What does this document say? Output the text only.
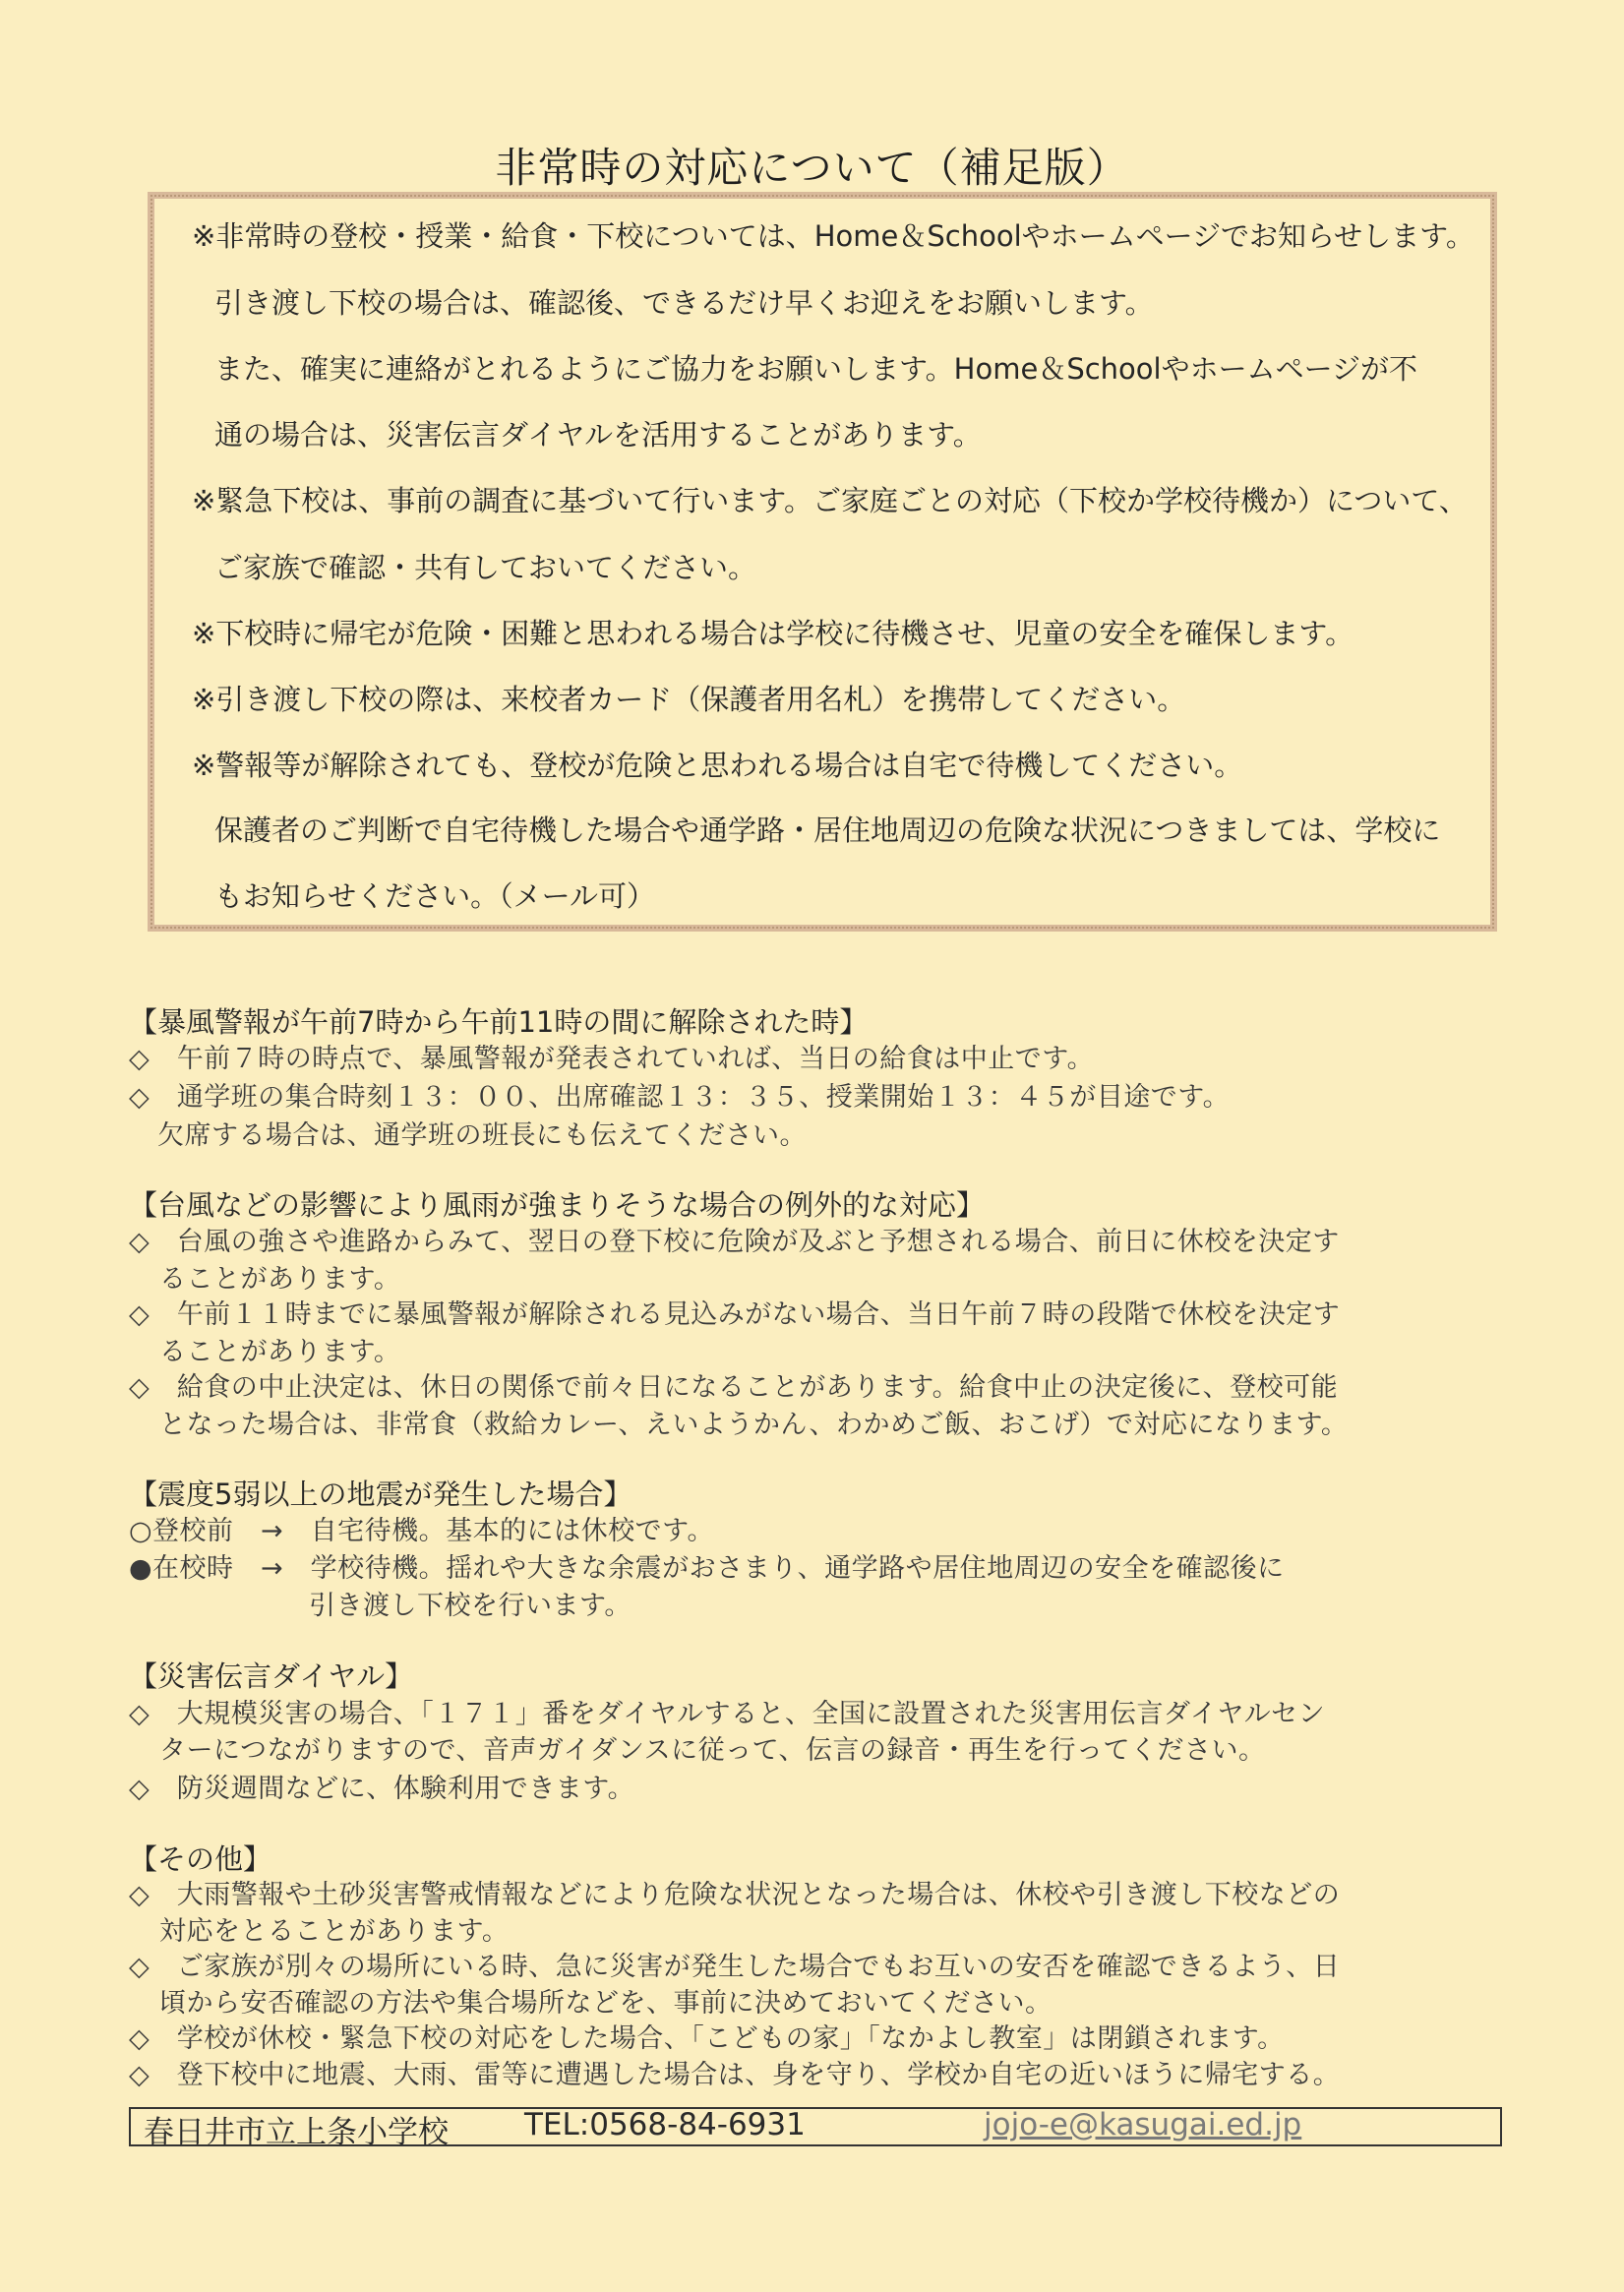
非常時の対応について（補足版）
※非常時の登校・授業・給食・下校については、Home＆Schoolやホームページでお知らせします。
引き渡し下校の場合は、確認後、できるだけ早くお迎えをお願いします。
また、確実に連絡がとれるようにご協力をお願いします。Home＆Schoolやホームページが不
通の場合は、災害伝言ダイヤルを活用することがあります。
※緊急下校は、事前の調査に基づいて行います。ご家庭ごとの対応（下校か学校待機か）について、
ご家族で確認・共有しておいてください。
※下校時に帰宅が危険・困難と思われる場合は学校に待機させ、児童の安全を確保します。
※引き渡し下校の際は、来校者カード（保護者用名札）を携帯してください。
※警報等が解除されても、登校が危険と思われる場合は自宅で待機してください。
保護者のご判断で自宅待機した場合や通学路・居住地周辺の危険な状況につきましては、学校に
もお知らせください。（メール可）
【暴風警報が午前7時から午前11時の間に解除された時】
◇　午前７時の時点で、暴風警報が発表されていれば、当日の給食は中止です。
◇　通学班の集合時刻１３：００、出席確認１３：３５、授業開始１３：４５が目途です。
欠席する場合は、通学班の班長にも伝えてください。
【台風などの影響により風雨が強まりそうな場合の例外的な対応】
◇　台風の強さや進路からみて、翌日の登下校に危険が及ぶと予想される場合、前日に休校を決定す
ることがあります。
◇　午前１１時までに暴風警報が解除される見込みがない場合、当日午前７時の段階で休校を決定す
ることがあります。
◇　給食の中止決定は、休日の関係で前々日になることがあります。給食中止の決定後に、登校可能
となった場合は、非常食（救給カレー、えいようかん、わかめご飯、おこげ）で対応になります。
【震度5弱以上の地震が発生した場合】
○登校前　→　自宅待機。基本的には休校です。
●在校時　→　学校待機。揺れや大きな余震がおさまり、通学路や居住地周辺の安全を確認後に
引き渡し下校を行います。
【災害伝言ダイヤル】
◇　大規模災害の場合、「１７１」番をダイヤルすると、全国に設置された災害用伝言ダイヤルセン
ターにつながりますので、音声ガイダンスに従って、伝言の録音・再生を行ってください。
◇　防災週間などに、体験利用できます。
【その他】
◇　大雨警報や土砂災害警戒情報などにより危険な状況となった場合は、休校や引き渡し下校などの
対応をとることがあります。
◇　ご家族が別々の場所にいる時、急に災害が発生した場合でもお互いの安否を確認できるよう、日
頃から安否確認の方法や集合場所などを、事前に決めておいてください。
◇　学校が休校・緊急下校の対応をした場合、「こどもの家」「なかよし教室」は閉鎖されます。
◇　登下校中に地震、大雨、雷等に遭遇した場合は、身を守り、学校か自宅の近いほうに帰宅する。
春日井市立上条小学校 TEL:0568-84-6931	jojo-e@kasugai.ed.jp
